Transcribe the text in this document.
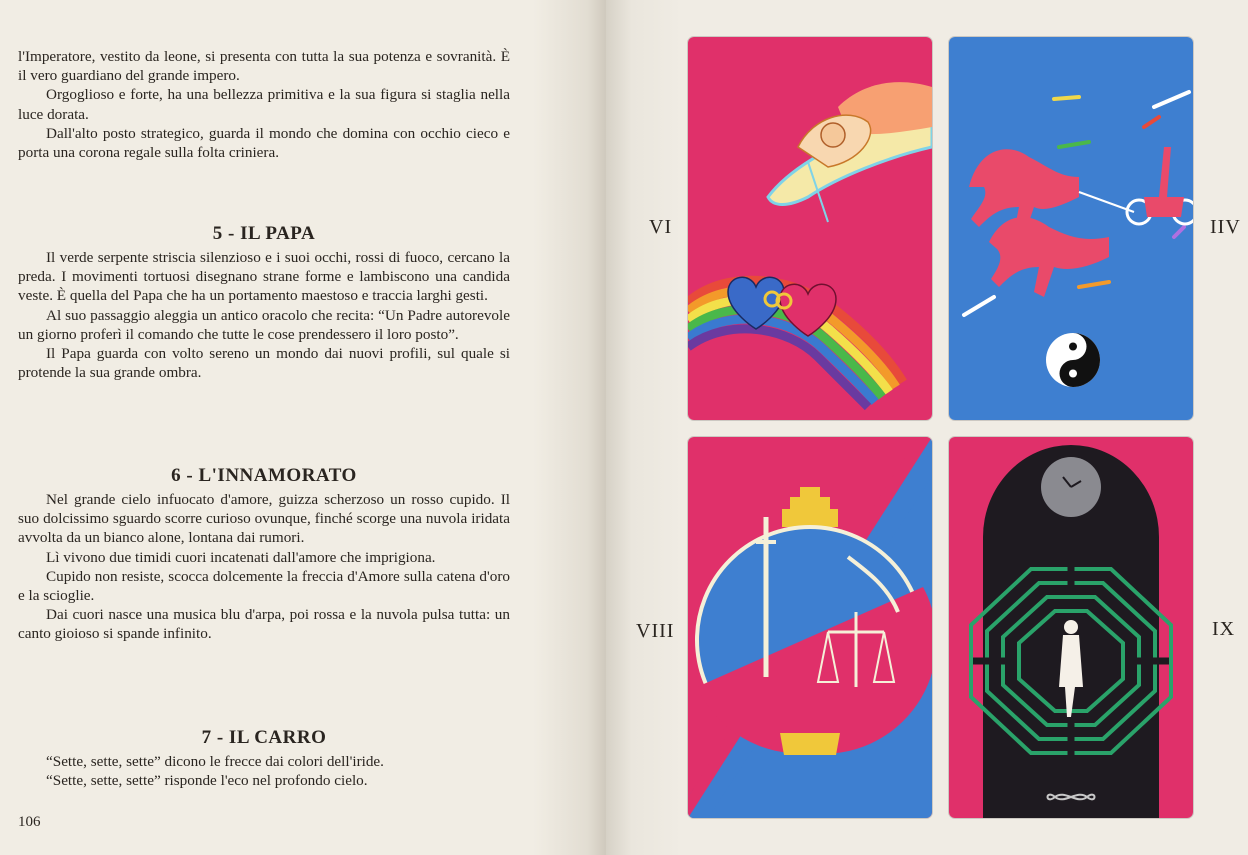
l'Imperatore, vestito da leone, si presenta con tutta la sua potenza e sovranità. È il vero guardiano del grande impero.

Orgoglioso e forte, ha una bellezza primitiva e la sua figura si staglia nella luce dorata.

Dall'alto posto strategico, guarda il mondo che domina con occhio cieco e porta una corona regale sulla folta criniera.

5 - IL PAPA

Il verde serpente striscia silenzioso e i suoi occhi, rossi di fuoco, cercano la preda. I movimenti tortuosi disegnano strane forme e lambiscono una candida veste. È quella del Papa che ha un portamento maestoso e traccia larghi gesti.

Al suo passaggio aleggia un antico oracolo che recita: “Un Padre autorevole un giorno proferì il comando che tutte le cose prendessero il loro posto”.

Il Papa guarda con volto sereno un mondo dai nuovi profili, sul quale si protende la sua grande ombra.

6 - L'INNAMORATO

Nel grande cielo infuocato d'amore, guizza scherzoso un rosso cupido. Il suo dolcissimo sguardo scorre curioso ovunque, finché scorge una nuvola iridata avvolta da un bianco alone, lontana dai rumori.

Lì vivono due timidi cuori incatenati dall'amore che imprigiona.

Cupido non resiste, scocca dolcemente la freccia d'Amore sulla catena d'oro e la scioglie.

Dai cuori nasce una musica blu d'arpa, poi rossa e la nuvola pulsa tutta: un canto gioioso si spande infinito.

7 - IL CARRO

“Sette, sette, sette” dicono le frecce dai colori dell'iride.

“Sette, sette, sette” risponde l'eco nel profondo cielo.

106
VI	IIV
VIII	IX
